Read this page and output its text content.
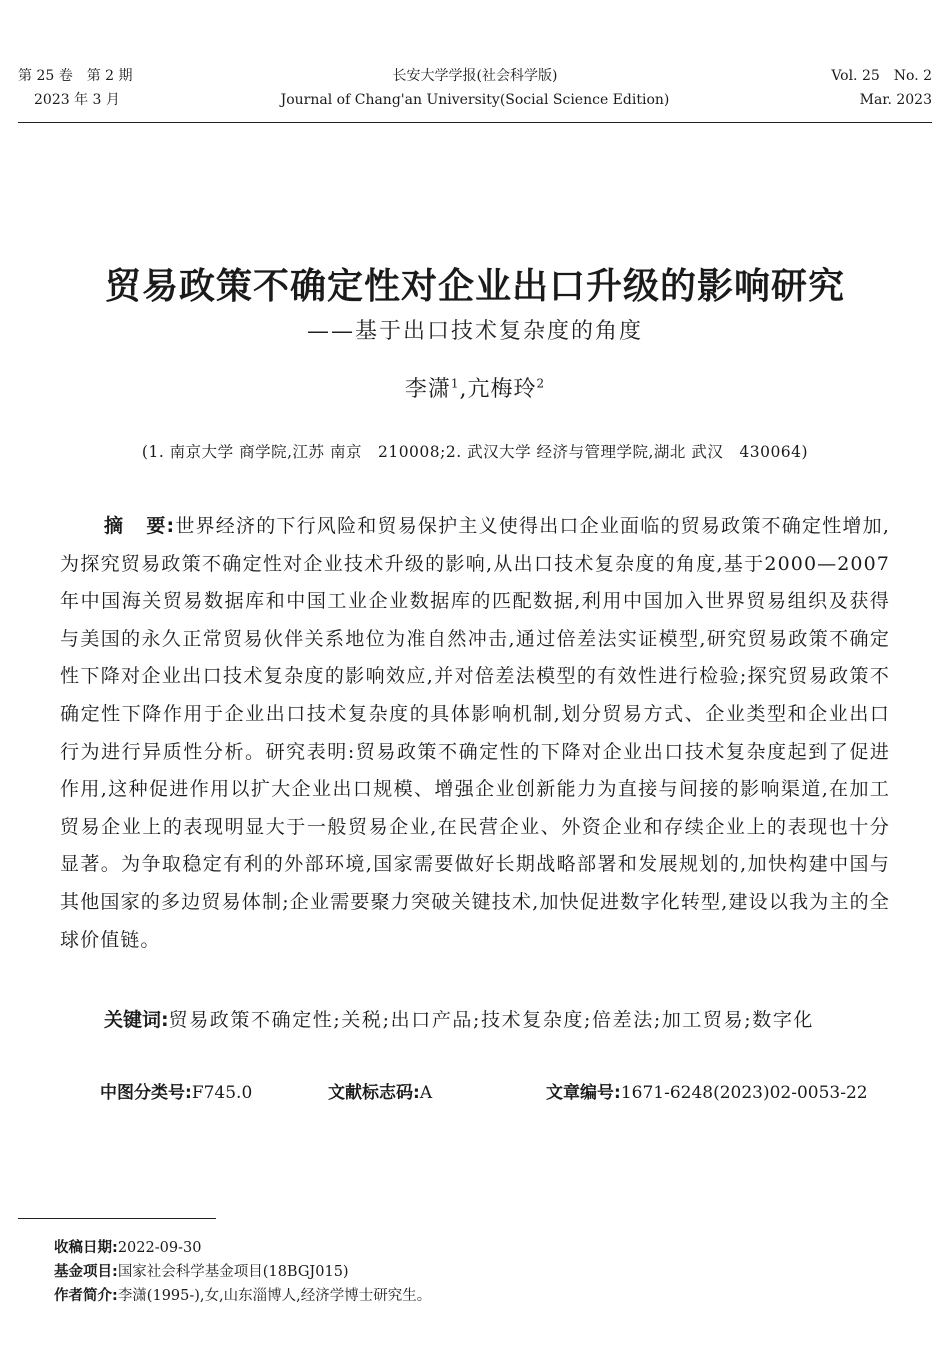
第 25 卷　第 2 期
2023 年 3 月
长安大学学报(社会科学版)
Journal of Chang'an University(Social Science Edition)
Vol. 25　No. 2
Mar. 2023
贸易政策不确定性对企业出口升级的影响研究
——基于出口技术复杂度的角度
李潇$^1$,亢梅玲$^2$
(1. 南京大学 商学院,江苏 南京　210008;2. 武汉大学 经济与管理学院,湖北 武汉　430064)
摘 要:世界经济的下行风险和贸易保护主义使得出口企业面临的贸易政策不确定性增加,为探究贸易政策不确定性对企业技术升级的影响,从出口技术复杂度的角度,基于2000—2007年中国海关贸易数据库和中国工业企业数据库的匹配数据,利用中国加入世界贸易组织及获得与美国的永久正常贸易伙伴关系地位为准自然冲击,通过倍差法实证模型,研究贸易政策不确定性下降对企业出口技术复杂度的影响效应,并对倍差法模型的有效性进行检验;探究贸易政策不确定性下降作用于企业出口技术复杂度的具体影响机制,划分贸易方式、企业类型和企业出口行为进行异质性分析。研究表明:贸易政策不确定性的下降对企业出口技术复杂度起到了促进作用,这种促进作用以扩大企业出口规模、增强企业创新能力为直接与间接的影响渠道,在加工贸易企业上的表现明显大于一般贸易企业,在民营企业、外资企业和存续企业上的表现也十分显著。为争取稳定有利的外部环境,国家需要做好长期战略部署和发展规划的,加快构建中国与其他国家的多边贸易体制;企业需要聚力突破关键技术,加快促进数字化转型,建设以我为主的全球价值链。
关键词:贸易政策不确定性;关税;出口产品;技术复杂度;倍差法;加工贸易;数字化
中图分类号:F745.0	文献标志码:A	文章编号:1671-6248(2023)02-0053-22
收稿日期:2022-09-30
基金项目:国家社会科学基金项目(18BGJ015)
作者简介:李潇(1995-),女,山东淄博人,经济学博士研究生。
